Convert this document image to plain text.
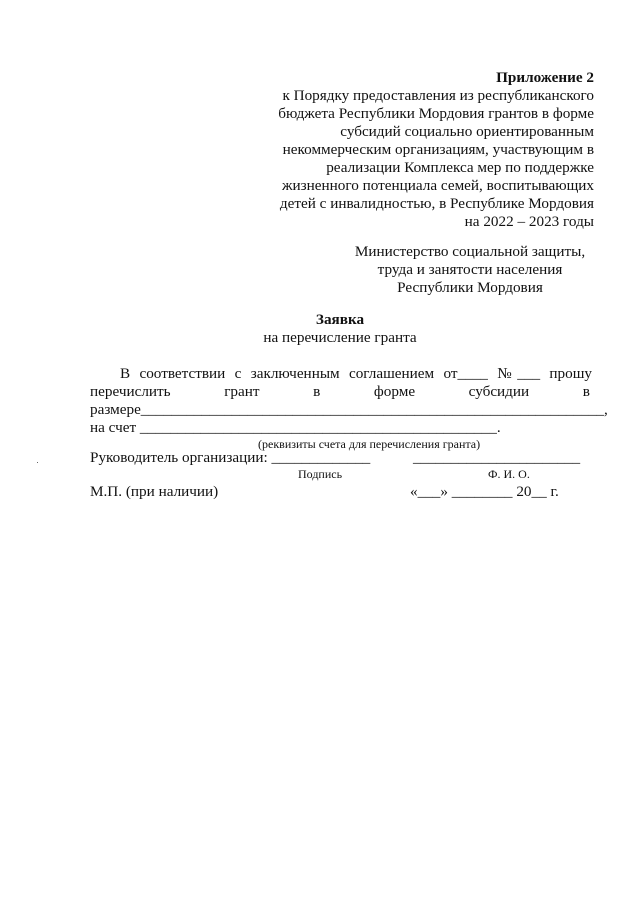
Приложение 2
к Порядку предоставления из республиканского
бюджета Республики Мордовия грантов в форме
субсидий социально ориентированным
некоммерческим организациям, участвующим в
реализации Комплекса мер по поддержке
жизненного потенциала семей, воспитывающих
детей с инвалидностью, в Республике Мордовия
на 2022 – 2023 годы
Министерство социальной защиты,
труда и занятости населения
Республики Мордовия
Заявка
на перечисление гранта
В соответствии с заключенным соглашением от____ №___ прошу
перечислить	грант	в	форме	субсидии	в
размере_____________________________________________________________,
на счет _______________________________________________.
(реквизиты счета для перечисления гранта)
Руководитель организации: _____________	______________________
Подпись	Ф. И. О.
М.П. (при наличии)	«___» ________ 20__ г.
